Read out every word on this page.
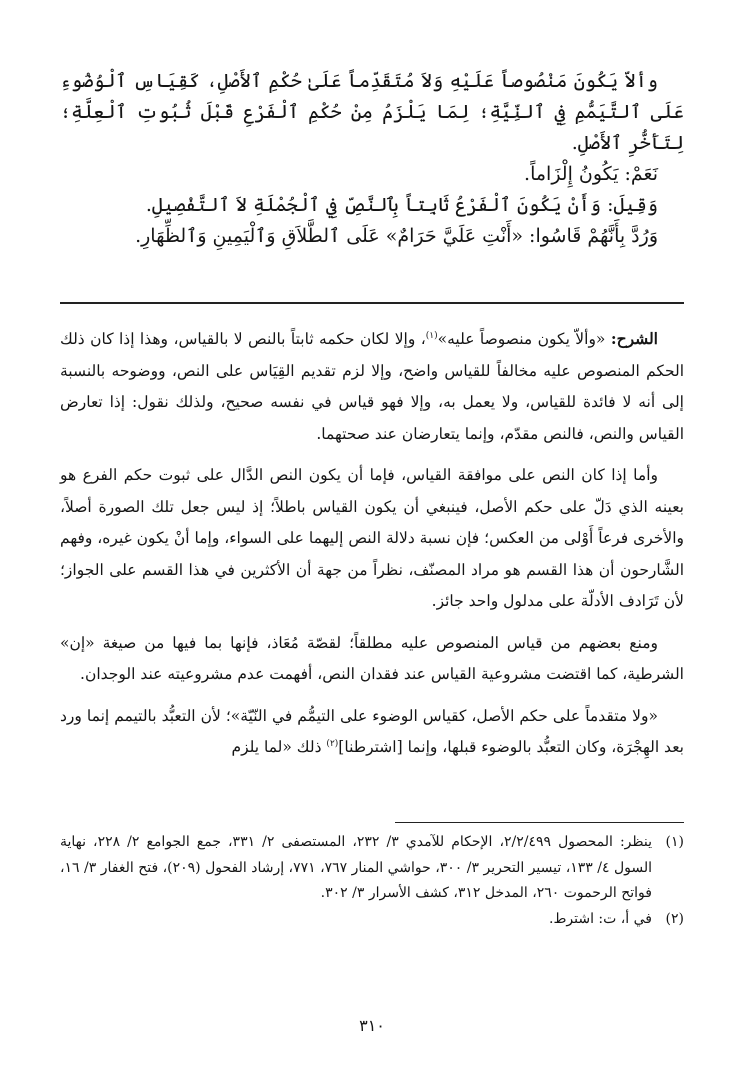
وألاّ يَكُونَ مَنْصُوصاً عَلَيْهِ وَلاَ مُتَقَدِّماً عَلَىٰ حُكْمِ ٱلأَصْلِ، كَقِيَاسِ ٱلْوُضُوءِ عَلَى ٱلتَّيَمُّمِ فِي ٱلنِّيَّةِ؛ لِمَا يَلْزَمُ مِنْ حُكْمِ ٱلْفَرْعِ قَبْلَ ثُبُوتِ ٱلْعِلَّةِ؛ لِتَأَخُّرِ ٱلأَصْلِ.

نَعَمْ: يَكُونُ إِلْزَاماً.

وَقِيلَ: وَأَنْ يَكُونَ ٱلْفَرْعُ ثَابِتاً بِٱلنَّصِّ فِي ٱلْجُمْلَةِ لاَ ٱلتَّفْصِيلِ.

وَرُدَّ بِأَنَّهُمْ قَاسُوا: «أَنْتِ عَلَيَّ حَرَامٌ» عَلَى ٱلطَّلاَقِ وَٱلْيَمِينِ وَٱلظِّهَارِ.

الشرح: «وألاّ يكون منصوصاً عليه»$^{(١)}$، وإلا لكان حكمه ثابتاً بالنص لا بالقياس، وهذا إذا كان ذلك الحكم المنصوص عليه مخالفاً للقياس واضح، وإلا لزم تقديم القِيَاس على النص، ووضوحه بالنسبة إلى أنه لا فائدة للقياس، ولا يعمل به، وإلا فهو قياس في نفسه صحيح، ولذلك نقول: إذا تعارض القياس والنص، فالنص مقدّم، وإنما يتعارضان عند صحتهما.

وأما إذا كان النص على موافقة القياس، فإما أن يكون النص الدَّال على ثبوت حكم الفرع هو بعينه الذي دَلّ على حكم الأصل، فينبغي أن يكون القياس باطلاً؛ إذ ليس جعل تلك الصورة أصلاً، والأخرى فرعاً أَوْلى من العكس؛ فإن نسبة دلالة النص إليهما على السواء، وإما أنْ يكون غيره، وفهم الشَّارحون أن هذا القسم هو مراد المصنّف، نظراً من جهة أن الأكثرين في هذا القسم على الجواز؛ لأن تَرَادف الأدلّة على مدلول واحد جائز.

ومنع بعضهم من قياس المنصوص عليه مطلقاً؛ لقصّة مُعَاذ، فإنها بما فيها من صيغة «إن» الشرطية، كما اقتضت مشروعية القياس عند فقدان النص، أفهمت عدم مشروعيته عند الوجدان.

«ولا متقدماً على حكم الأصل، كقياس الوضوء على التيمُّم في النّيّة»؛ لأن التعبُّد بالتيمم إنما ورد بعد الهِجْرَة، وكان التعبُّد بالوضوء قبلها، وإنما [اشترطنا]$^{(٢)}$ ذلك «لما يلزم

(١)
ينظر: المحصول ٢/٢/٤٩٩، الإحكام للآمدي ٣/ ٢٣٢، المستصفى ٢/ ٣٣١، جمع الجوامع ٢/ ٢٢٨، نهاية السول ٤/ ١٣٣، تيسير التحرير ٣/ ٣٠٠، حواشي المنار ٧٦٧، ٧٧١، إرشاد الفحول (٢٠٩)، فتح الغفار ٣/ ١٦، فواتح الرحموت ٢٦٠، المدخل ٣١٢، كشف الأسرار ٣/ ٣٠٢.
(٢)
في أ، ت: اشترط.
٣١٠
